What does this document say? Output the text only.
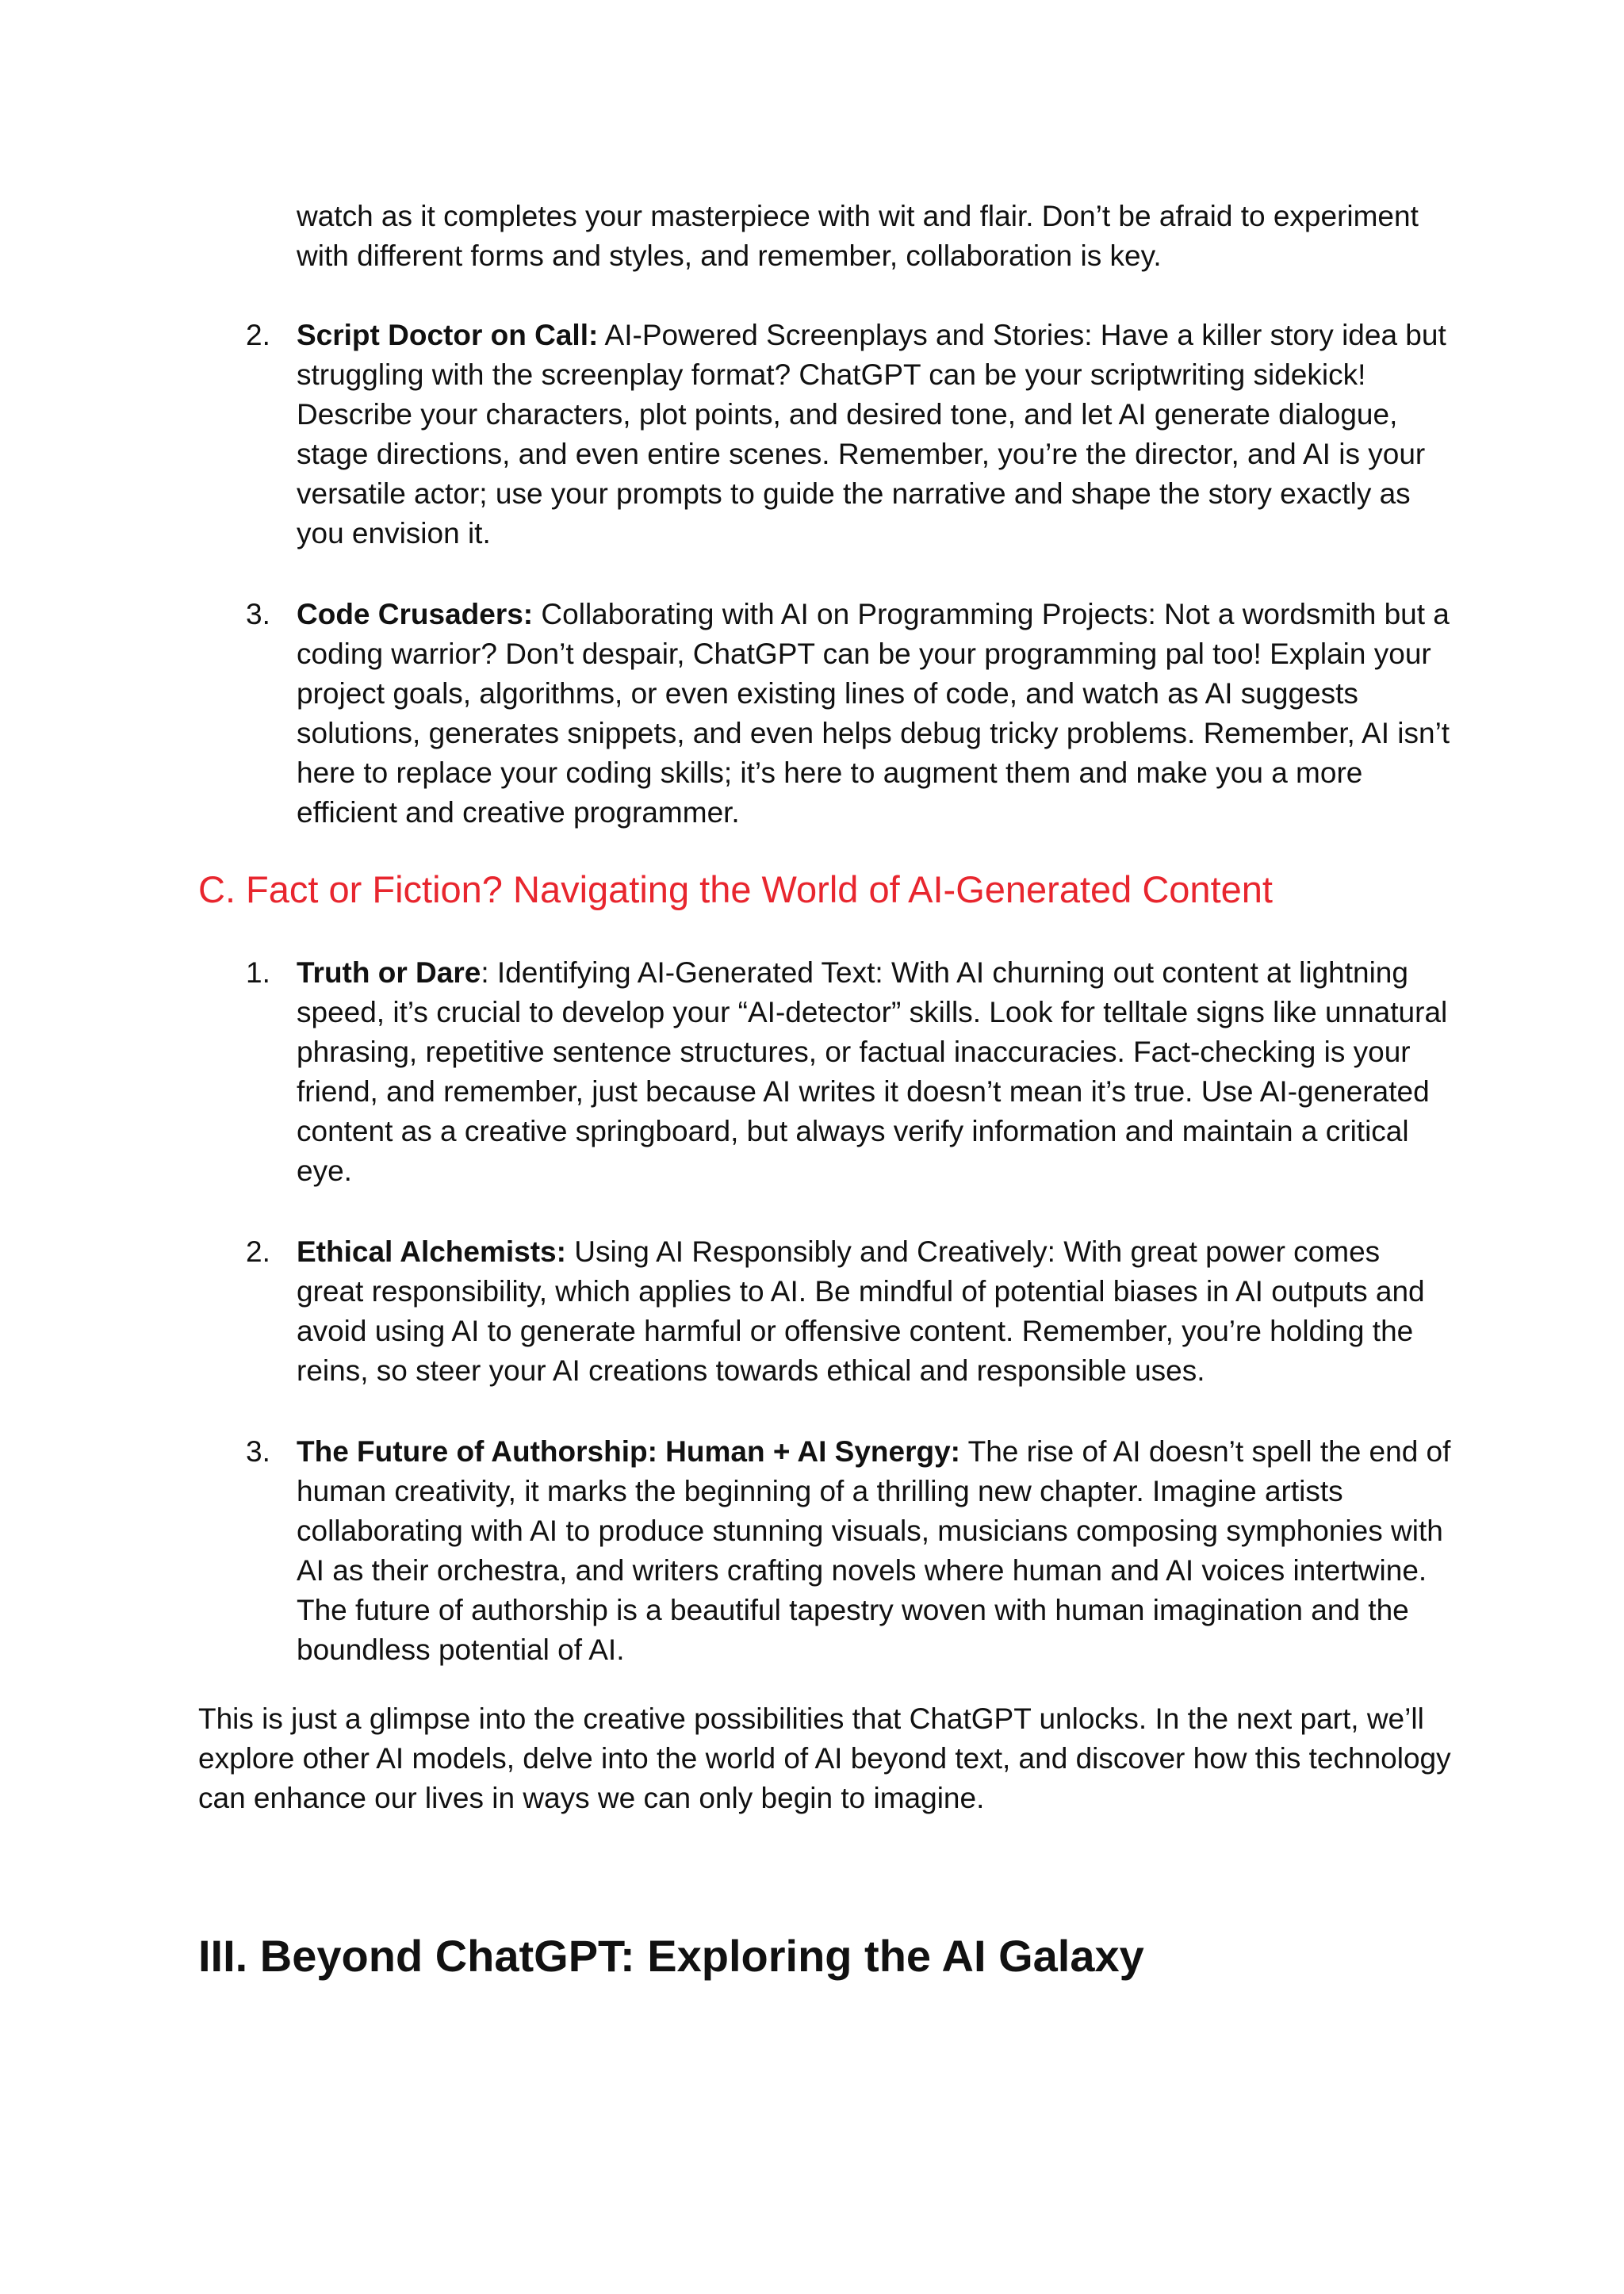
watch as it completes your masterpiece with wit and flair. Don’t be afraid to experiment with different forms and styles, and remember, collaboration is key.
2. Script Doctor on Call: AI-Powered Screenplays and Stories: Have a killer story idea but struggling with the screenplay format? ChatGPT can be your scriptwriting sidekick! Describe your characters, plot points, and desired tone, and let AI generate dialogue, stage directions, and even entire scenes. Remember, you’re the director, and AI is your versatile actor; use your prompts to guide the narrative and shape the story exactly as you envision it.
3. Code Crusaders: Collaborating with AI on Programming Projects: Not a wordsmith but a coding warrior? Don’t despair, ChatGPT can be your programming pal too! Explain your project goals, algorithms, or even existing lines of code, and watch as AI suggests solutions, generates snippets, and even helps debug tricky problems. Remember, AI isn’t here to replace your coding skills; it’s here to augment them and make you a more efficient and creative programmer.
C. Fact or Fiction? Navigating the World of AI-Generated Content
1. Truth or Dare: Identifying AI-Generated Text: With AI churning out content at lightning speed, it’s crucial to develop your “AI-detector” skills. Look for telltale signs like unnatural phrasing, repetitive sentence structures, or factual inaccuracies. Fact-checking is your friend, and remember, just because AI writes it doesn’t mean it’s true. Use AI-generated content as a creative springboard, but always verify information and maintain a critical eye.
2. Ethical Alchemists: Using AI Responsibly and Creatively: With great power comes great responsibility, which applies to AI. Be mindful of potential biases in AI outputs and avoid using AI to generate harmful or offensive content. Remember, you’re holding the reins, so steer your AI creations towards ethical and responsible uses.
3. The Future of Authorship: Human + AI Synergy: The rise of AI doesn’t spell the end of human creativity, it marks the beginning of a thrilling new chapter. Imagine artists collaborating with AI to produce stunning visuals, musicians composing symphonies with AI as their orchestra, and writers crafting novels where human and AI voices intertwine. The future of authorship is a beautiful tapestry woven with human imagination and the boundless potential of AI.
This is just a glimpse into the creative possibilities that ChatGPT unlocks. In the next part, we’ll explore other AI models, delve into the world of AI beyond text, and discover how this technology can enhance our lives in ways we can only begin to imagine.
III. Beyond ChatGPT: Exploring the AI Galaxy
